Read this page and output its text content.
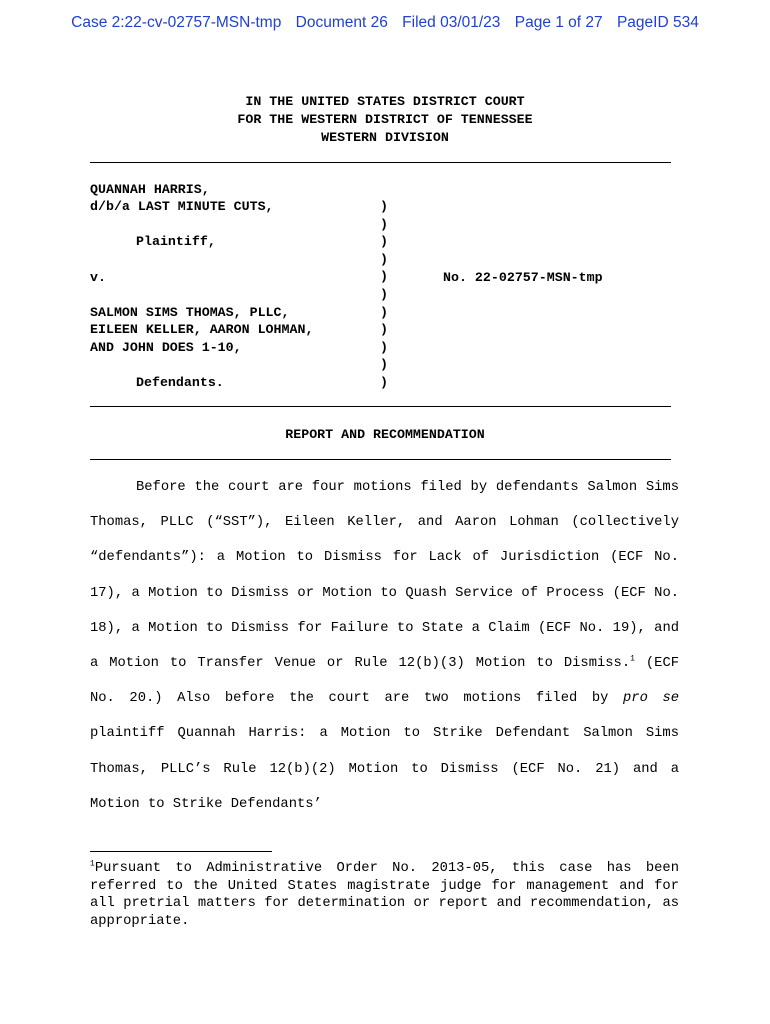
Case 2:22-cv-02757-MSN-tmp Document 26 Filed 03/01/23 Page 1 of 27 PageID 534
IN THE UNITED STATES DISTRICT COURT
FOR THE WESTERN DISTRICT OF TENNESSEE
WESTERN DIVISION
QUANNAH HARRIS,
d/b/a LAST MINUTE CUTS,
Plaintiff,
v.
SALMON SIMS THOMAS, PLLC,
EILEEN KELLER, AARON LOHMAN,
AND JOHN DOES 1-10,
Defendants.
)
)
)
)
)
)
)
)
)
)
)
No. 22-02757-MSN-tmp
REPORT AND RECOMMENDATION

Before the court are four motions filed by defendants Salmon Sims Thomas, PLLC (“SST”), Eileen Keller, and Aaron Lohman (collectively “defendants”): a Motion to Dismiss for Lack of Jurisdiction (ECF No. 17), a Motion to Dismiss or Motion to Quash Service of Process (ECF No. 18), a Motion to Dismiss for Failure to State a Claim (ECF No. 19), and a Motion to Transfer Venue or Rule 12(b)(3) Motion to Dismiss.$^1$ (ECF No. 20.) Also before the court are two motions filed by pro se plaintiff Quannah Harris: a Motion to Strike Defendant Salmon Sims Thomas, PLLC’s Rule 12(b)(2) Motion to Dismiss (ECF No. 21) and a Motion to Strike Defendants’

$^1$Pursuant to Administrative Order No. 2013-05, this case has been referred to the United States magistrate judge for management and for all pretrial matters for determination or report and recommendation, as appropriate.
